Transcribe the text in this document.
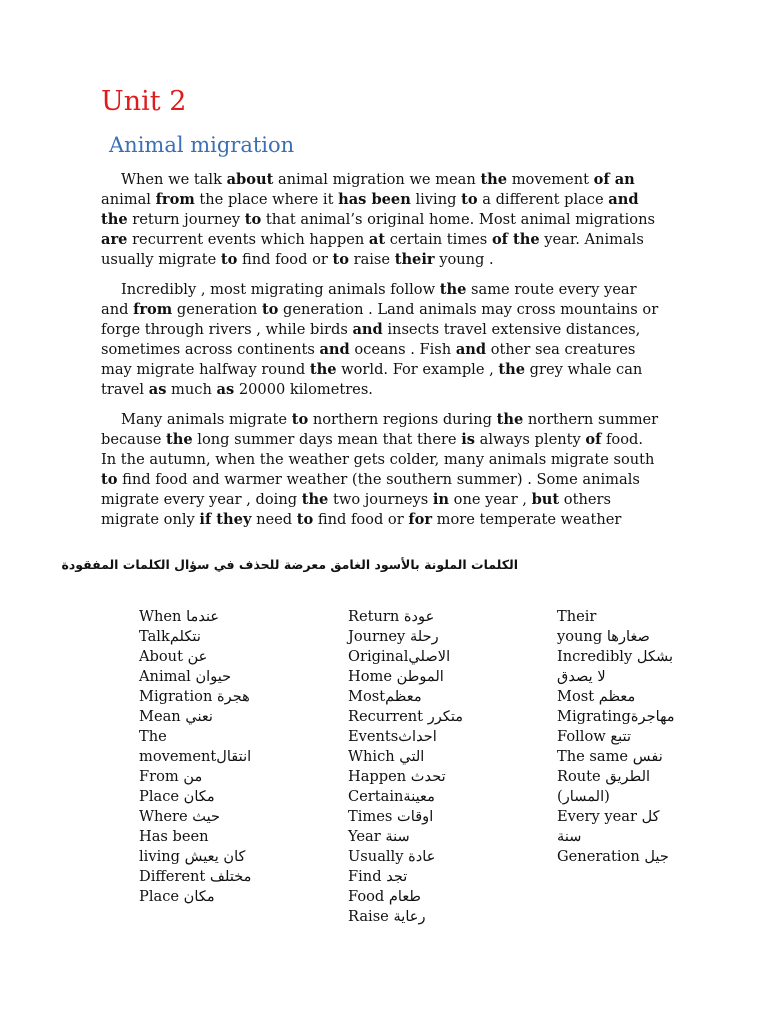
Unit 2
Animal migration

When we talk about animal migration we mean the movement of an animal from the place where it has been living to a different place and the return journey to that animal’s original home. Most animal migrations are recurrent events which happen at certain times of the year. Animals usually migrate to find food or to raise their young .

Incredibly , most migrating animals follow the same route every year and from generation to generation . Land animals may cross mountains or forge through rivers , while birds and insects travel extensive distances, sometimes across continents and oceans . Fish and other sea creatures may migrate halfway round the world. For example , the grey whale can travel as much as 20000 kilometres.

Many animals migrate to northern regions during the northern summer because the long summer days mean that there is always plenty of food. In the autumn, when the weather gets colder, many animals migrate south to find food and warmer weather (the southern summer) . Some animals migrate every year , doing the two journeys in one year , but others migrate only if they need to find food or for more temperate weather

الكلمات الملونة بالأسود الغامق معرضة للحذف في سؤال الكلمات المفقودة
When عندما
Talkنتكلم
About عن
Animal حيوان
Migration هجرة
Mean نعني
The
movementانتقال
From من
Place مكان
Where حيث
Has been
living كان يعيش
Different مختلف
Place مكان
Return عودة
Journey رحلة
Originalالاصلي
Home الموطن
Mostمعظم
Recurrent متكرر
Eventsاحداث
Which التي
Happen تحدث
Certainمعينة
Times اوقات
Year سنة
Usually عادة
Find تجد
Food طعام
Raise رعاية
Their
young صغارها
Incredibly بشكل
لا يصدق
Most معظم
Migratingمهاجرة
Follow تتبع
The same نفس
Route الطريق
(المسار)
Every year كل
سنة
Generation جيل
